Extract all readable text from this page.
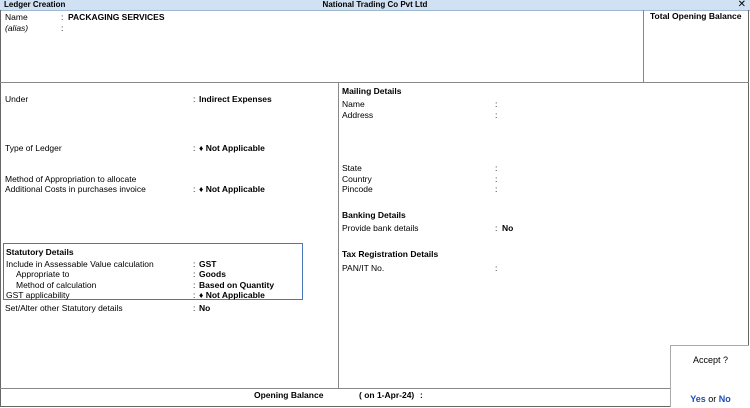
Ledger Creation	National Trading Co Pvt Ltd	✕
Name	: PACKAGING SERVICES
(alias)	:
Total Opening Balance
Under	: Indirect Expenses
Type of Ledger	: ♦ Not Applicable
Method of Appropriation to allocate
Additional Costs in purchases invoice	: ♦ Not Applicable
Statutory Details
Include in Assessable Value calculation	: GST
Appropriate to	: Goods
Method of calculation	: Based on Quantity
GST applicability	: ♦ Not Applicable
Set/Alter other Statutory details	: No
Mailing Details
Name	:
Address	:
State	:
Country	:
Pincode	:
Banking Details
Provide bank details	: No
Tax Registration Details
PAN/IT No.	:
Opening Balance	( on 1-Apr-24) :
Accept ?
Yes or No
